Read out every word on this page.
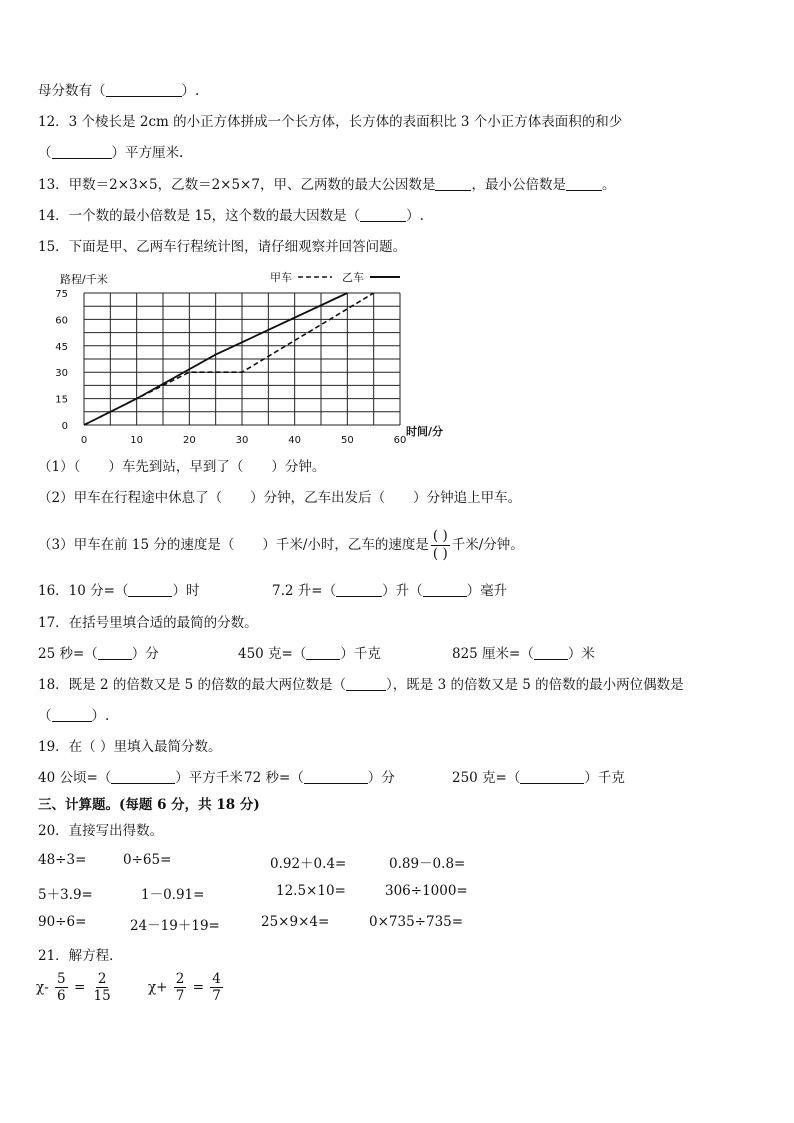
母分数有（	）.
12．3 个棱长是 2cm 的小正方体拼成一个长方体，长方体的表面积比 3 个小正方体表面积的和少
（	）平方厘米.
13．甲数＝2×3×5，乙数＝2×5×7，甲、乙两数的最大公因数是	，最小公倍数是	。
14．一个数的最小倍数是 15，这个数的最大因数是（	）.
15．下面是甲、乙两车行程统计图，请仔细观察并回答问题。
0	10	20	30	40	50	60
0
15
30
45
60
75
路程/千米
时间/分
甲车	乙车
（1）（ ）车先到站，早到了（ ）分钟。
（2）甲车在行程途中休息了（ ）分钟，乙车出发后（ ）分钟追上甲车。
（3）甲车在前 15 分的速度是（ ）千米/小时，乙车的速度是
( )
( )
千米/分钟。
16．10 分=（	）时	7.2 升=（	）升（	）毫升
17．在括号里填合适的最简的分数。
25 秒=（	）分	450 克=（	）千克	825 厘米=（	）米
18．既是 2 的倍数又是 5 的倍数的最大两位数是（	），既是 3 的倍数又是 5 的倍数的最小两位偶数是
（	）.
19．在（ ）里填入最简分数。
40 公顷=（	）平方千米 72 秒=（	）分	250 克=（	）千克
三、计算题。(每题 6 分，共 18 分)
20．直接写出得数。
48÷3=	0÷65=	0.92＋0.4=	0.89－0.8=
5＋3.9=	1－0.91=	12.5×10=	306÷1000=
90÷6=	24－19＋19=	25×9×4=	0×735÷735=
21．解方程．
$\chi- \frac{5}{6} = \frac{2}{15}$	$\chi+ \frac{2}{7} = \frac{4}{7}$
